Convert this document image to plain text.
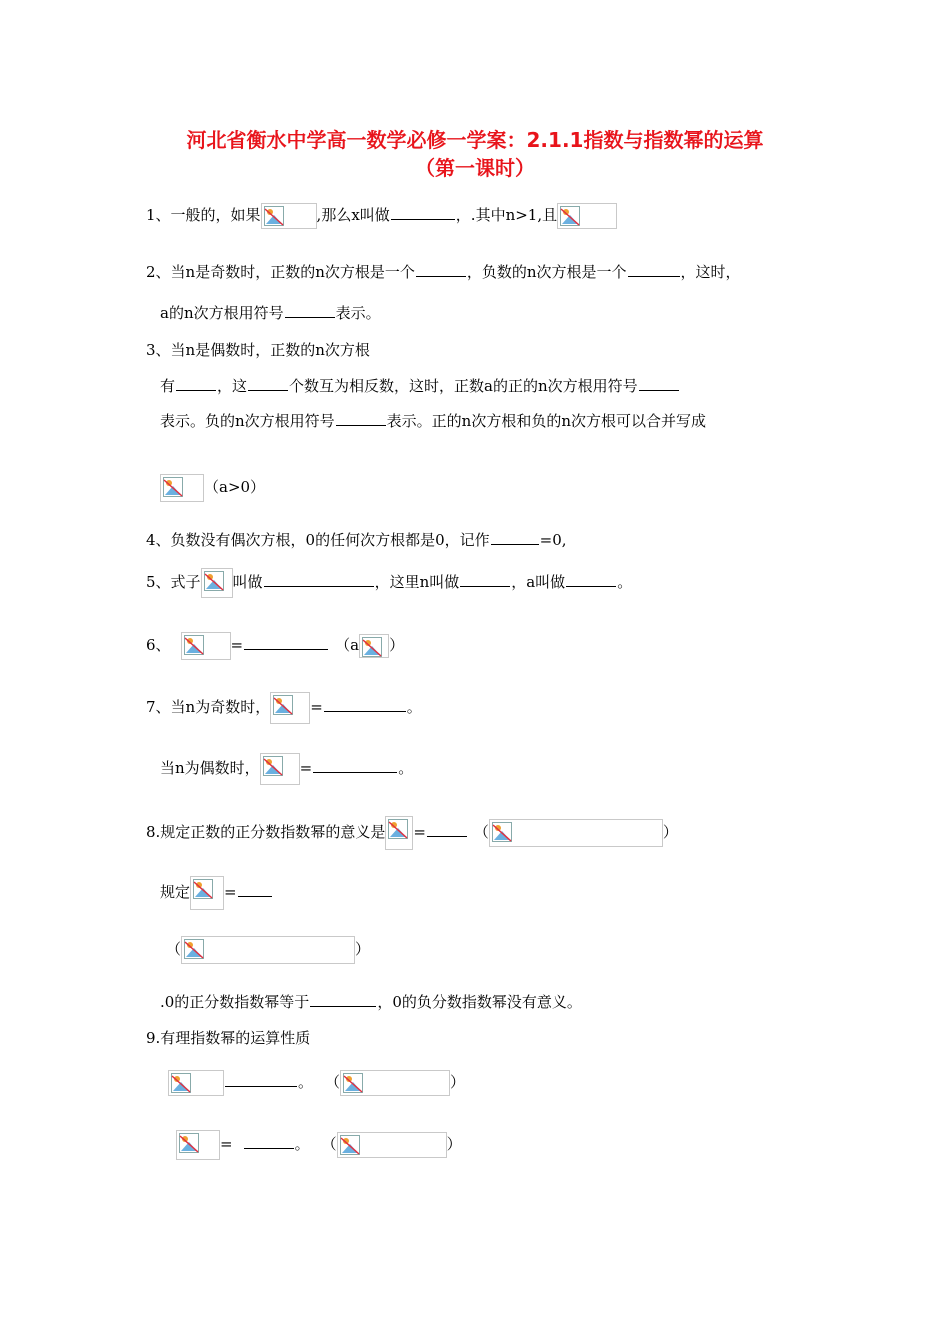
河北省衡水中学高一数学必修一学案：2.1.1指数与指数幂的运算
（第一课时）
1、一般的，如果	,那么x叫做	，.其中n>1,且
2、当n是奇数时，正数的n次方根是一个	，负数的n次方根是一个	，这时，
a的n次方根用符号	表示。
3、当n是偶数时，正数的n次方根
有	，这	个数互为相反数，这时，正数a的正的n次方根用符号
表示。负的n次方根用符号	表示。正的n次方根和负的n次方根可以合并写成
（a>0）
4、负数没有偶次方根，0的任何次方根都是0，记作	=0,
5、式子 叫做	，这里n叫做	，a叫做	。
6、	=	（a ）
7、当n为奇数时，	=	。
当n为偶数时，	=	。
8.规定正数的正分数指数幂的意义是 =	（	）
规定 =
（	）
.0的正分数指数幂等于	，0的负分数指数幂没有意义。
9.有理指数幂的运算性质
。 （	）
=	。 （	）
